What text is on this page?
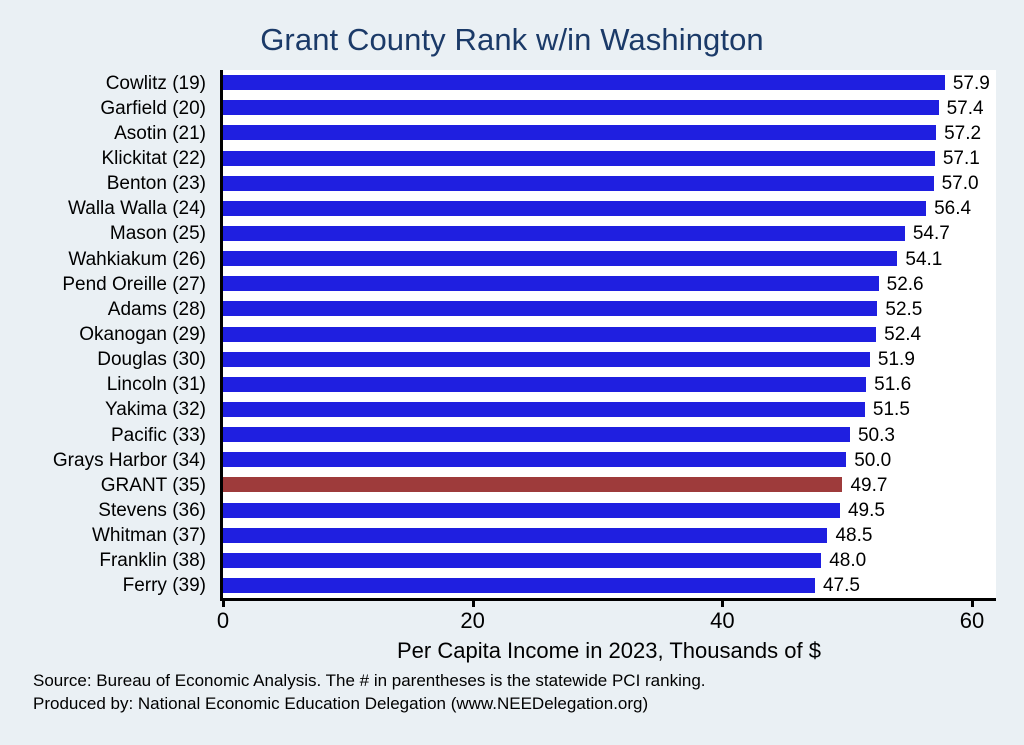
Grant County Rank w/in Washington
Cowlitz (19)
Garfield (20)
Asotin (21)
Klickitat (22)
Benton (23)
Walla Walla (24)
Mason (25)
Wahkiakum (26)
Pend Oreille (27)
Adams (28)
Okanogan (29)
Douglas (30)
Lincoln (31)
Yakima (32)
Pacific (33)
Grays Harbor (34)
GRANT (35)
Stevens (36)
Whitman (37)
Franklin (38)
Ferry (39)
57.9
57.4
57.2
57.1
57.0
56.4
54.7
54.1
52.6
52.5
52.4
51.9
51.6
51.5
50.3
50.0
49.7
49.5
48.5
48.0
47.5
0	20	40	60
Per Capita Income in 2023, Thousands of $
Source: Bureau of Economic Analysis. The # in parentheses is the statewide PCI ranking.
Produced by: National Economic Education Delegation (www.NEEDelegation.org)
